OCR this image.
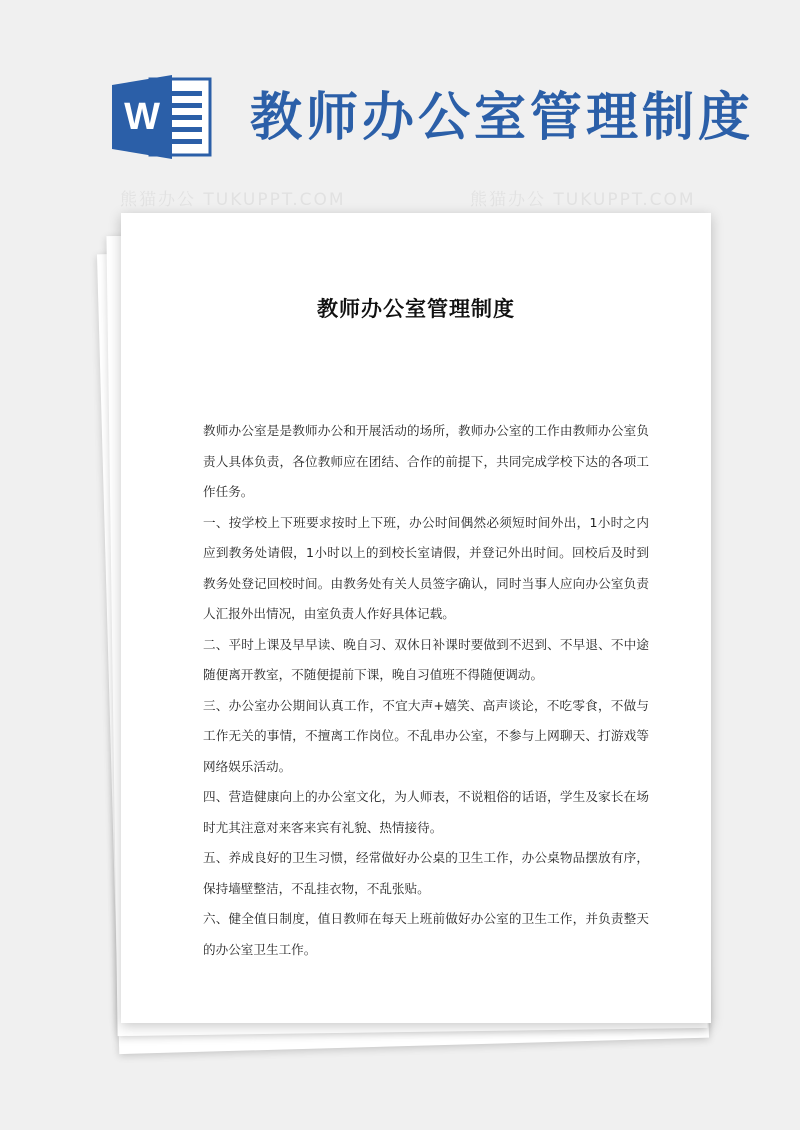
W 教师办公室管理制度
熊猫办公 TUKUPPT.COM	熊猫办公 TUKUPPT.COM
教师办公室管理制度

教师办公室是是教师办公和开展活动的场所，教师办公室的工作由教师办公室负责人具体负责，各位教师应在团结、合作的前提下，共同完成学校下达的各项工作任务。

一、按学校上下班要求按时上下班，办公时间偶然必须短时间外出，1小时之内应到教务处请假，1小时以上的到校长室请假，并登记外出时间。回校后及时到教务处登记回校时间。由教务处有关人员签字确认，同时当事人应向办公室负责人汇报外出情况，由室负责人作好具体记载。

二、平时上课及早早读、晚自习、双休日补课时要做到不迟到、不早退、不中途随便离开教室，不随便提前下课，晚自习值班不得随便调动。

三、办公室办公期间认真工作，不宜大声+嬉笑、高声谈论，不吃零食，不做与工作无关的事情，不擅离工作岗位。不乱串办公室，不参与上网聊天、打游戏等网络娱乐活动。

四、营造健康向上的办公室文化，为人师表，不说粗俗的话语，学生及家长在场时尤其注意对来客来宾有礼貌、热情接待。

五、养成良好的卫生习惯，经常做好办公桌的卫生工作，办公桌物品摆放有序，保持墙壁整洁，不乱挂衣物，不乱张贴。

六、健全值日制度，值日教师在每天上班前做好办公室的卫生工作，并负责整天的办公室卫生工作。
